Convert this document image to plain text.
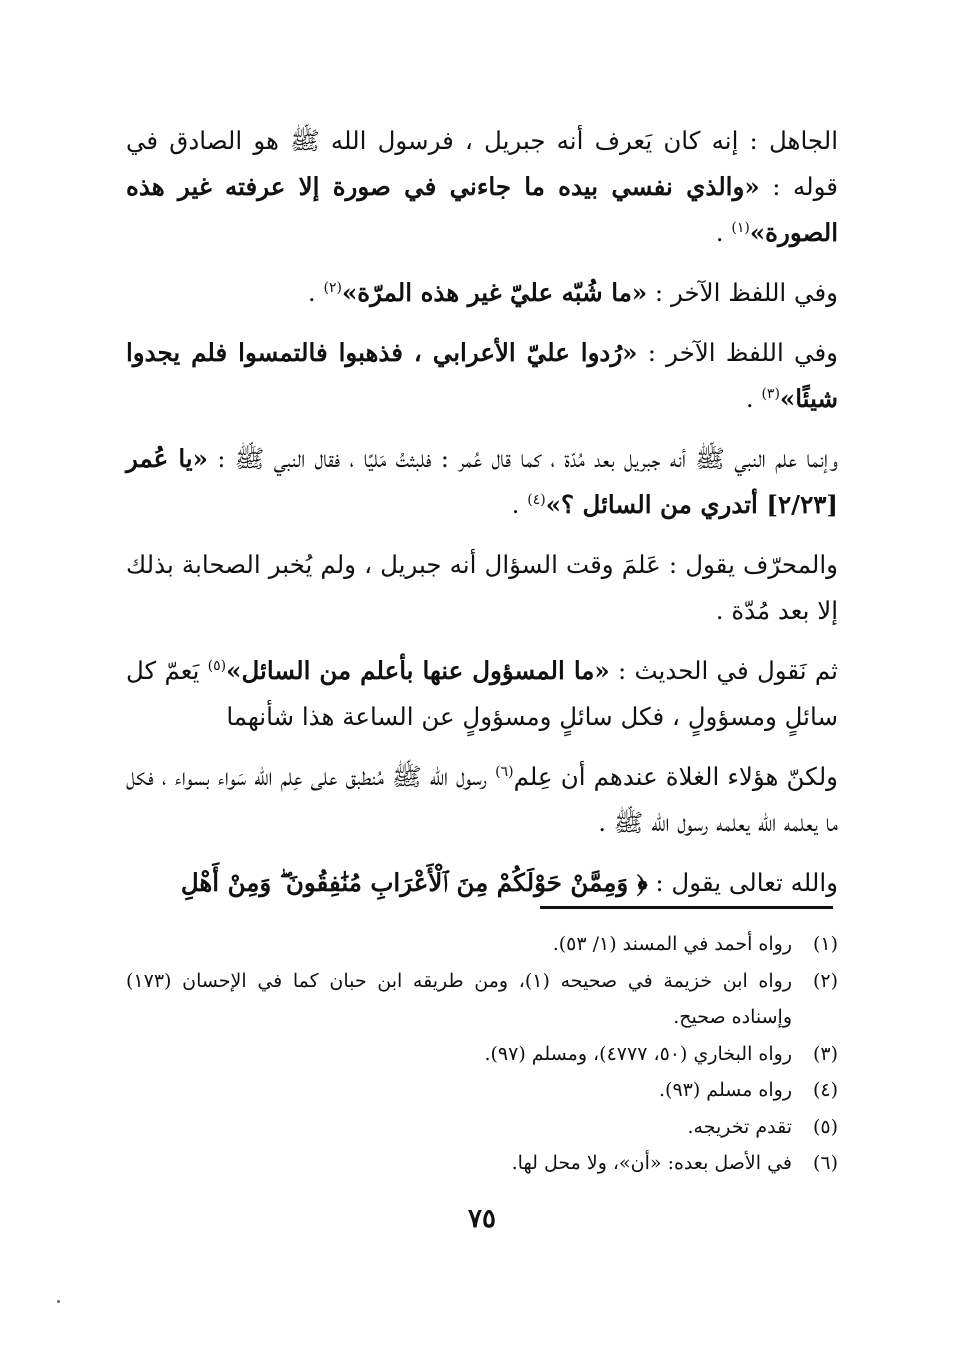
الجاهل : إنه كان يَعرف أنه جبريل ، فرسول الله ﷺ هو الصادق في قوله : «والذي نفسي بيده ما جاءني في صورة إلا عرفته غير هذه الصورة»$^{(١)}$ .

وفي اللفظ الآخر : «ما شُبّه عليّ غير هذه المرّة»$^{(٢)}$ .

وفي اللفظ الآخر : «رُدوا عليّ الأعرابي ، فذهبوا فالتمسوا فلم يجدوا شيئًا»$^{(٣)}$ .

وإنما علم النبي ﷺ أنه جبريل بعد مُدّة ، كما قال عُمر : فلبثتُ مَليًا ، فقال النبي ﷺ : «يا عُمر [٢/٢٣] أتدري من السائل ؟»$^{(٤)}$ .

والمحرّف يقول : عَلمَ وقت السؤال أنه جبريل ، ولم يُخبر الصحابة بذلك إلا بعد مُدّة .

ثم نَقول في الحديث : «ما المسؤول عنها بأعلم من السائل»$^{(٥)}$ يَعمّ كل سائلٍ ومسؤولٍ ، فكل سائلٍ ومسؤولٍ عن الساعة هذا شأنهما

ولكنّ هؤلاء الغلاة عندهم أن عِلم$^{(٦)}$ رسول الله ﷺ مُنطبق على عِلم الله سَواء بسواء ، فكل ما يعلمه الله يعلمه رسول الله ﷺ .

والله تعالى يقول : ﴿ وَمِمَّنْ حَوْلَكُمْ مِنَ ٱلْأَعْرَابِ مُنَٰفِقُونَ ۖ وَمِنْ أَهْلِ

(١)
رواه أحمد في المسند (١/ ٥٣).
(٢)
رواه ابن خزيمة في صحيحه (١)، ومن طريقه ابن حبان كما في الإحسان (١٧٣) وإسناده صحيح.
(٣)
رواه البخاري (٥٠، ٤٧٧٧)، ومسلم (٩٧).
(٤)
رواه مسلم (٩٣).
(٥)
تقدم تخريجه.
(٦)
في الأصل بعده: «أن»، ولا محل لها.
٧٥
